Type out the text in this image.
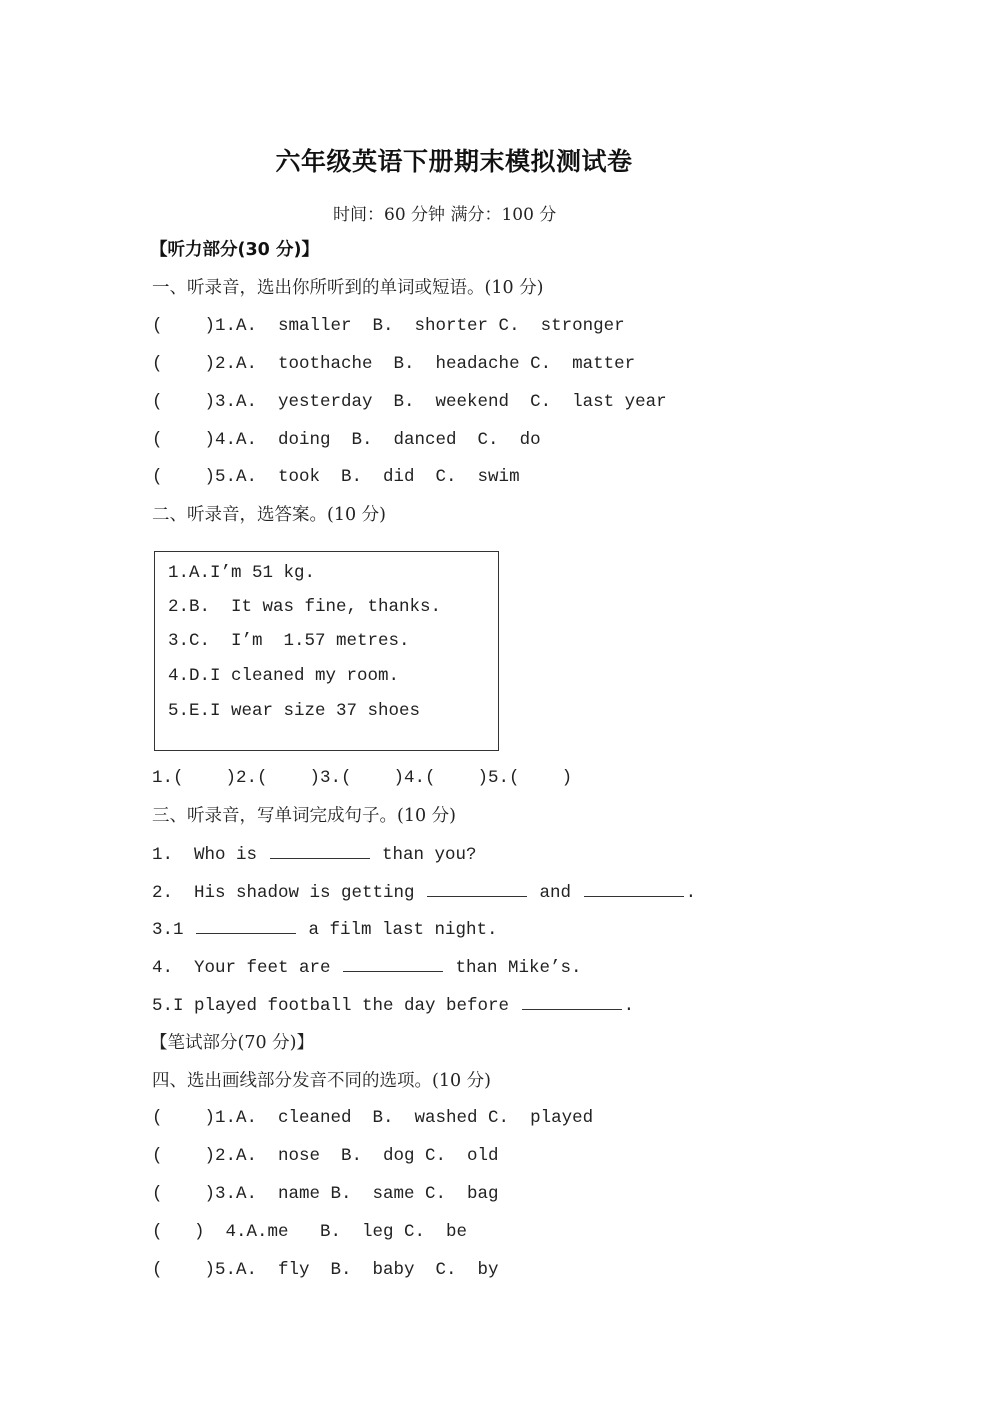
六年级英语下册期末模拟测试卷
时间：60 分钟 满分：100 分
【听力部分(30 分)】
一、听录音，选出你所听到的单词或短语。(10 分)
(    )1.A.  smaller  B.  shorter C.  stronger
(    )2.A.  toothache  B.  headache C.  matter
(    )3.A.  yesterday  B.  weekend  C.  last year
(    )4.A.  doing  B.  danced  C.  do
(    )5.A.  took  B.  did  C.  swim
二、听录音，选答案。(10 分)
1.A.I’m 51 kg.
2.B.  It was fine, thanks.
3.C.  I’m  1.57 metres.
4.D.I cleaned my room.
5.E.I wear size 37 shoes
1.(    )2.(    )3.(    )4.(    )5.(    )
三、听录音，写单词完成句子。(10 分)
1.  Who is	than you?
2.  His shadow is getting	and	.
3.1	a film last night.
4.  Your feet are	than Mike’s.
5.I played football the day before	.
【笔试部分(70 分)】
四、选出画线部分发音不同的选项。(10 分)
(    )1.A.  cleaned  B.  washed C.  played
(    )2.A.  nose  B.  dog C.  old
(    )3.A.  name B.  same C.  bag
(   )  4.A.me   B.  leg C.  be
(    )5.A.  fly  B.  baby  C.  by
